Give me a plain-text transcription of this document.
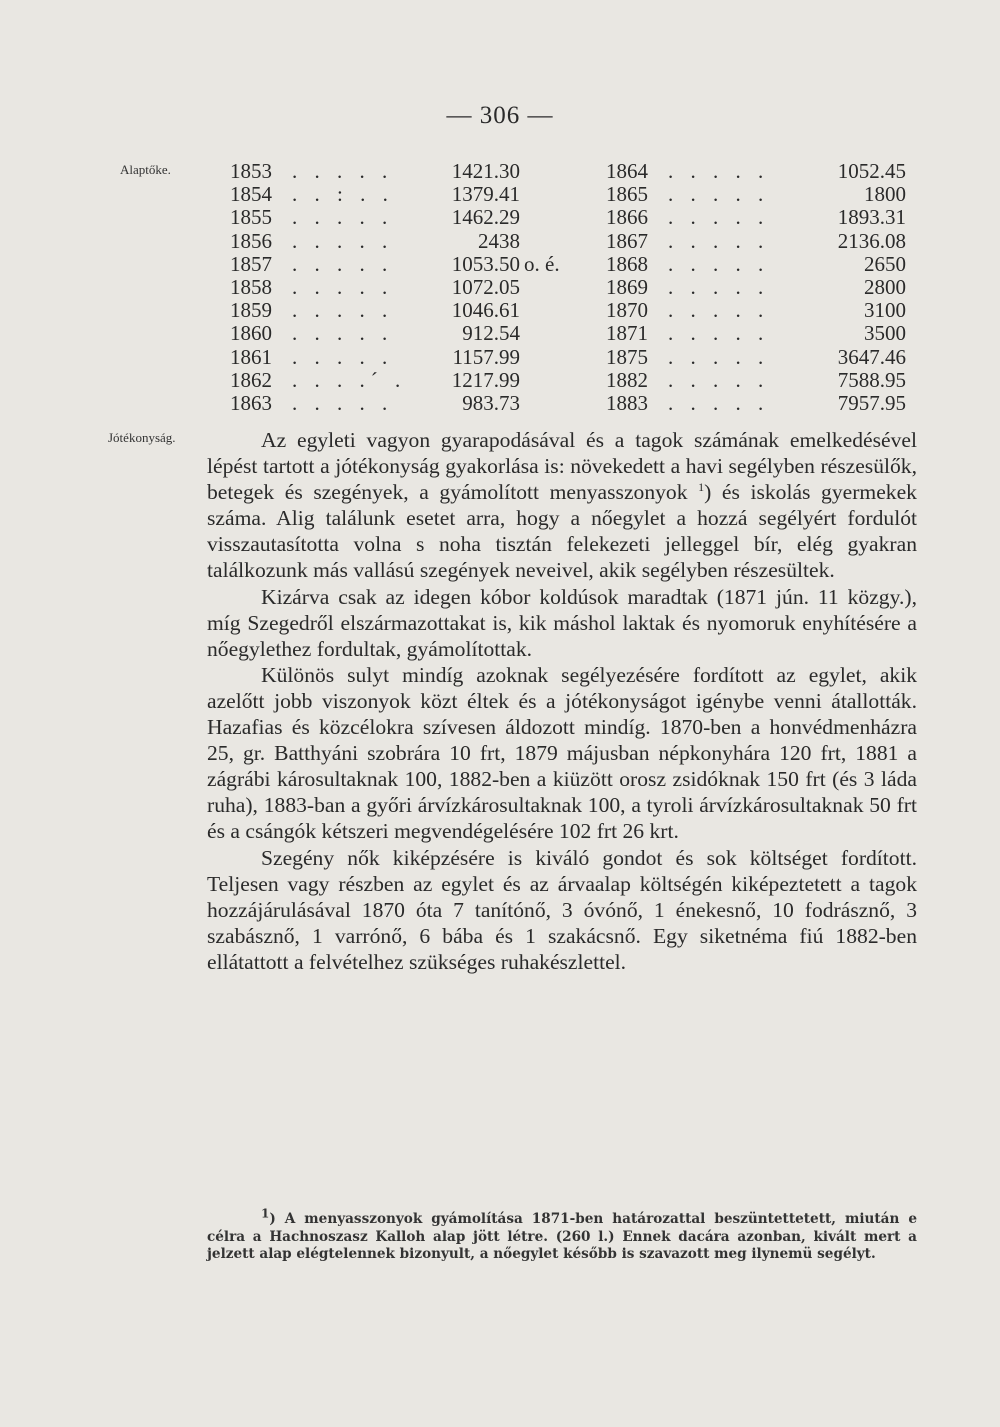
— 306 —
Alaptőke.
Jótékonyság.
1853 . . . . .	1421.30
1854 . . : . .	1379.41
1855 . . . . .	1462.29
1856 . . . . .	2438
1857 . . . . .	1053.50 o. é.
1858 . . . . .	1072.05
1859 . . . . .	1046.61
1860 . . . . .	912.54
1861 . . . . .	1157.99
1862 . . . .´ . 1217.99
1863 . . . . .	983.73
1864 . . . . .	1052.45
1865 . . . . .	1800
1866 . . . . .	1893.31
1867 . . . . .	2136.08
1868 . . . . .	2650
1869 . . . . .	2800
1870 . . . . .	3100
1871 . . . . .	3500
1875 . . . . .	3647.46
1882 . . . . .	7588.95
1883 . . . . .	7957.95

Az egyleti vagyon gyarapodásával és a tagok számának emelkedésével lépést tartott a jótékonyság gyakorlása is: növekedett a havi segélyben részesülők, betegek és szegények, a gyámolított menyasszonyok $^1$) és iskolás gyermekek száma. Alig találunk esetet arra, hogy a nőegylet a hozzá segélyért fordulót visszautasította volna s noha tisztán felekezeti jelleggel bír, elég gyakran találkozunk más vallású szegények neveivel, akik segélyben részesültek.

Kizárva csak az idegen kóbor koldúsok maradtak (1871 jún. 11 közgy.), míg Szegedről elszármazottakat is, kik máshol laktak és nyomoruk enyhítésére a nőegylethez fordultak, gyámolítottak.

Különös sulyt mindíg azoknak segélyezésére fordított az egylet, akik azelőtt jobb viszonyok közt éltek és a jótékonyságot igénybe venni átallották. Hazafias és közcélokra szívesen áldozott mindíg. 1870-ben a honvédmenházra 25, gr. Batthyáni szobrára 10 frt, 1879 májusban népkonyhára 120 frt, 1881 a zágrábi károsultaknak 100, 1882-ben a kiüzött orosz zsidóknak 150 frt (és 3 láda ruha), 1883-ban a győri árvízkárosultaknak 100, a tyroli árvízkárosultaknak 50 frt és a csángók kétszeri megvendégelésére 102 frt 26 krt.

Szegény nők kiképzésére is kiváló gondot és sok költséget fordított. Teljesen vagy részben az egylet és az árvaalap költségén kiképeztetett a tagok hozzájárulásával 1870 óta 7 tanítónő, 3 óvónő, 1 énekesnő, 10 fodrásznő, 3 szabásznő, 1 varrónő, 6 bába és 1 szakácsnő. Egy siketnéma fiú 1882-ben ellátattott a felvételhez szükséges ruhakészlettel.

$^1$) A menyasszonyok gyámolítása 1871-ben határozattal beszüntettetett, miután e célra a Hachnoszasz Kalloh alap jött létre. (260 l.) Ennek dacára azonban, kivált mert a jelzett alap elégtelennek bizonyult, a nőegylet később is szavazott meg ilynemü segélyt.
